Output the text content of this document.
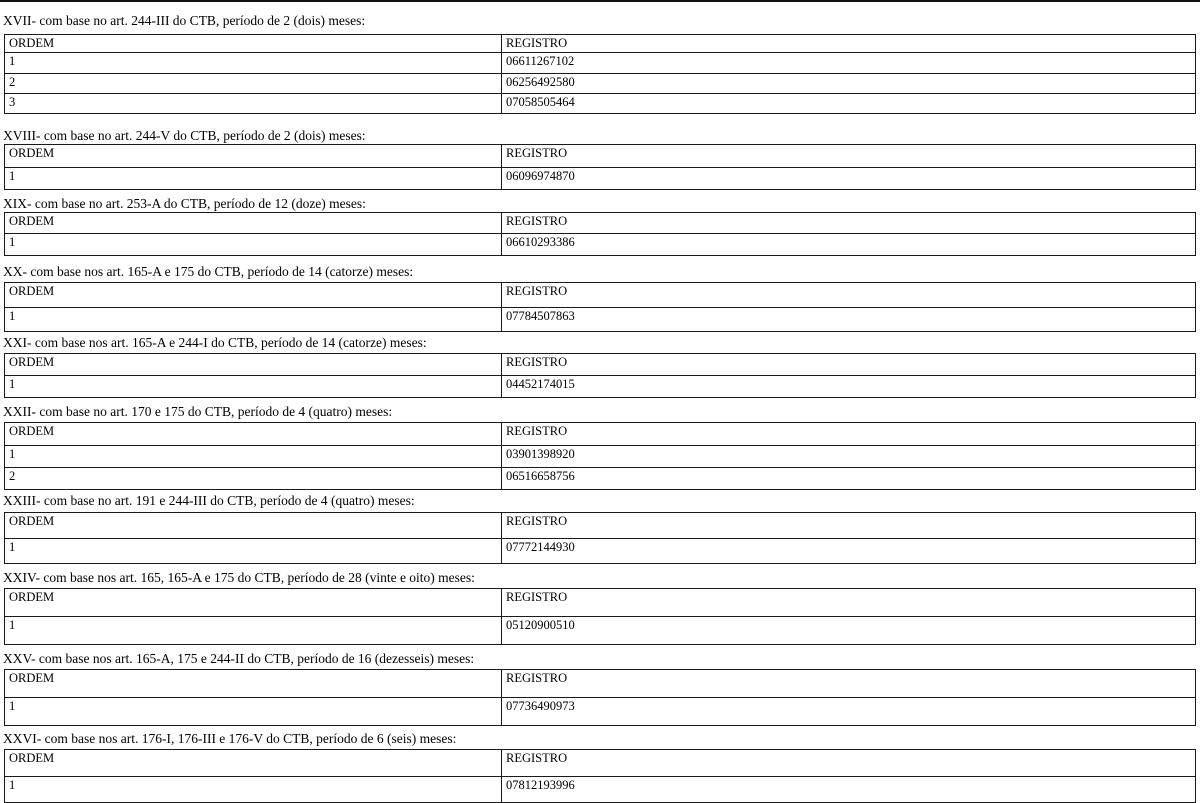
XVII- com base no art. 244-III do CTB, período de 2 (dois) meses:
ORDEM	REGISTRO
1	06611267102
2	06256492580
3	07058505464
XVIII- com base no art. 244-V do CTB, período de 2 (dois) meses:
ORDEM	REGISTRO
1	06096974870
XIX- com base no art. 253-A do CTB, período de 12 (doze) meses:
ORDEM	REGISTRO
1	06610293386
XX- com base nos art. 165-A e 175 do CTB, período de 14 (catorze) meses:
ORDEM	REGISTRO
1	07784507863
XXI- com base nos art. 165-A e 244-I do CTB, período de 14 (catorze) meses:
ORDEM	REGISTRO
1	04452174015
XXII- com base no art. 170 e 175 do CTB, período de 4 (quatro) meses:
ORDEM	REGISTRO
1	03901398920
2	06516658756
XXIII- com base no art. 191 e 244-III do CTB, período de 4 (quatro) meses:
ORDEM	REGISTRO
1	07772144930
XXIV- com base nos art. 165, 165-A e 175 do CTB, período de 28 (vinte e oito) meses:
ORDEM	REGISTRO
1	05120900510
XXV- com base nos art. 165-A, 175 e 244-II do CTB, período de 16 (dezesseis) meses:
ORDEM	REGISTRO
1	07736490973
XXVI- com base nos art. 176-I, 176-III e 176-V do CTB, período de 6 (seis) meses:
ORDEM	REGISTRO
1	07812193996
